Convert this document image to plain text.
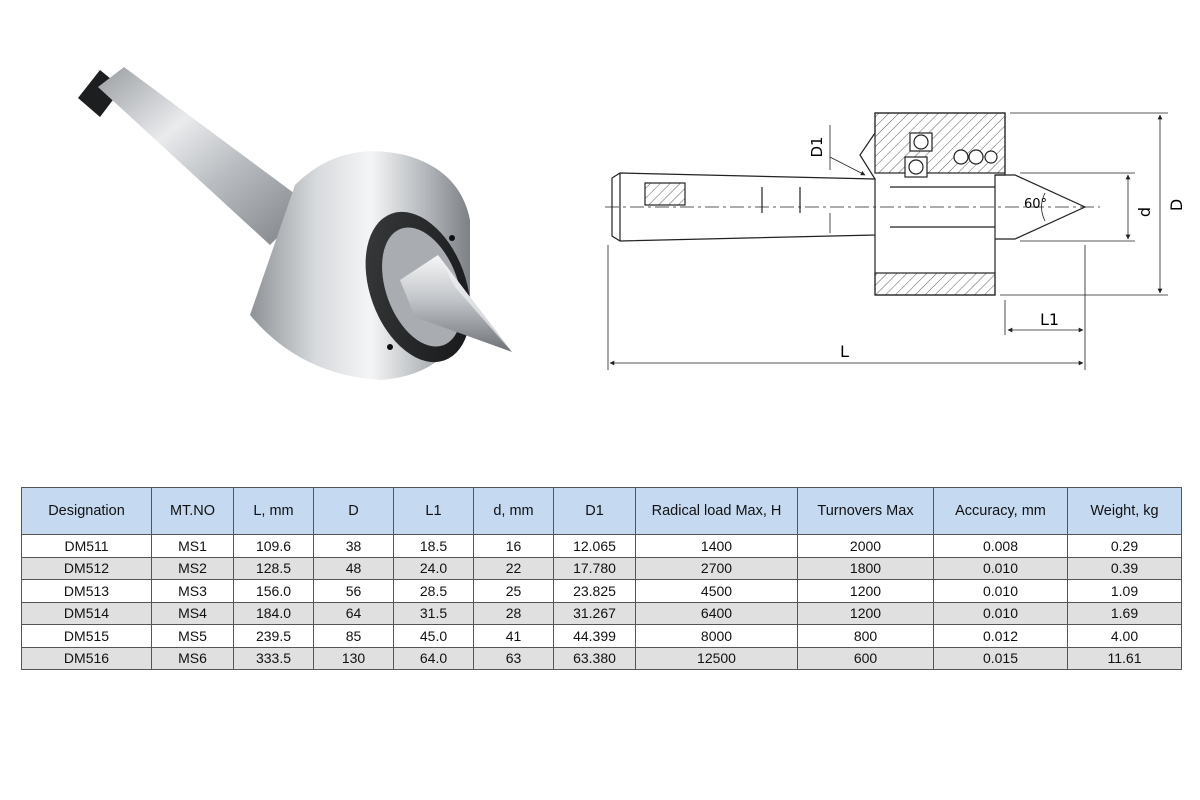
D1
60°	d
D
L1
L
Designation	MT.NO	L, mm	D	L1	d, mm	D1	Radical load Max, H	Turnovers Max	Accuracy, mm	Weight, kg
DM511	MS1	109.6	38	18.5	16	12.065	1400	2000	0.008	0.29
DM512	MS2	128.5	48	24.0	22	17.780	2700	1800	0.010	0.39
DM513	MS3	156.0	56	28.5	25	23.825	4500	1200	0.010	1.09
DM514	MS4	184.0	64	31.5	28	31.267	6400	1200	0.010	1.69
DM515	MS5	239.5	85	45.0	41	44.399	8000	800	0.012	4.00
DM516	MS6	333.5	130	64.0	63	63.380	12500	600	0.015	11.61
